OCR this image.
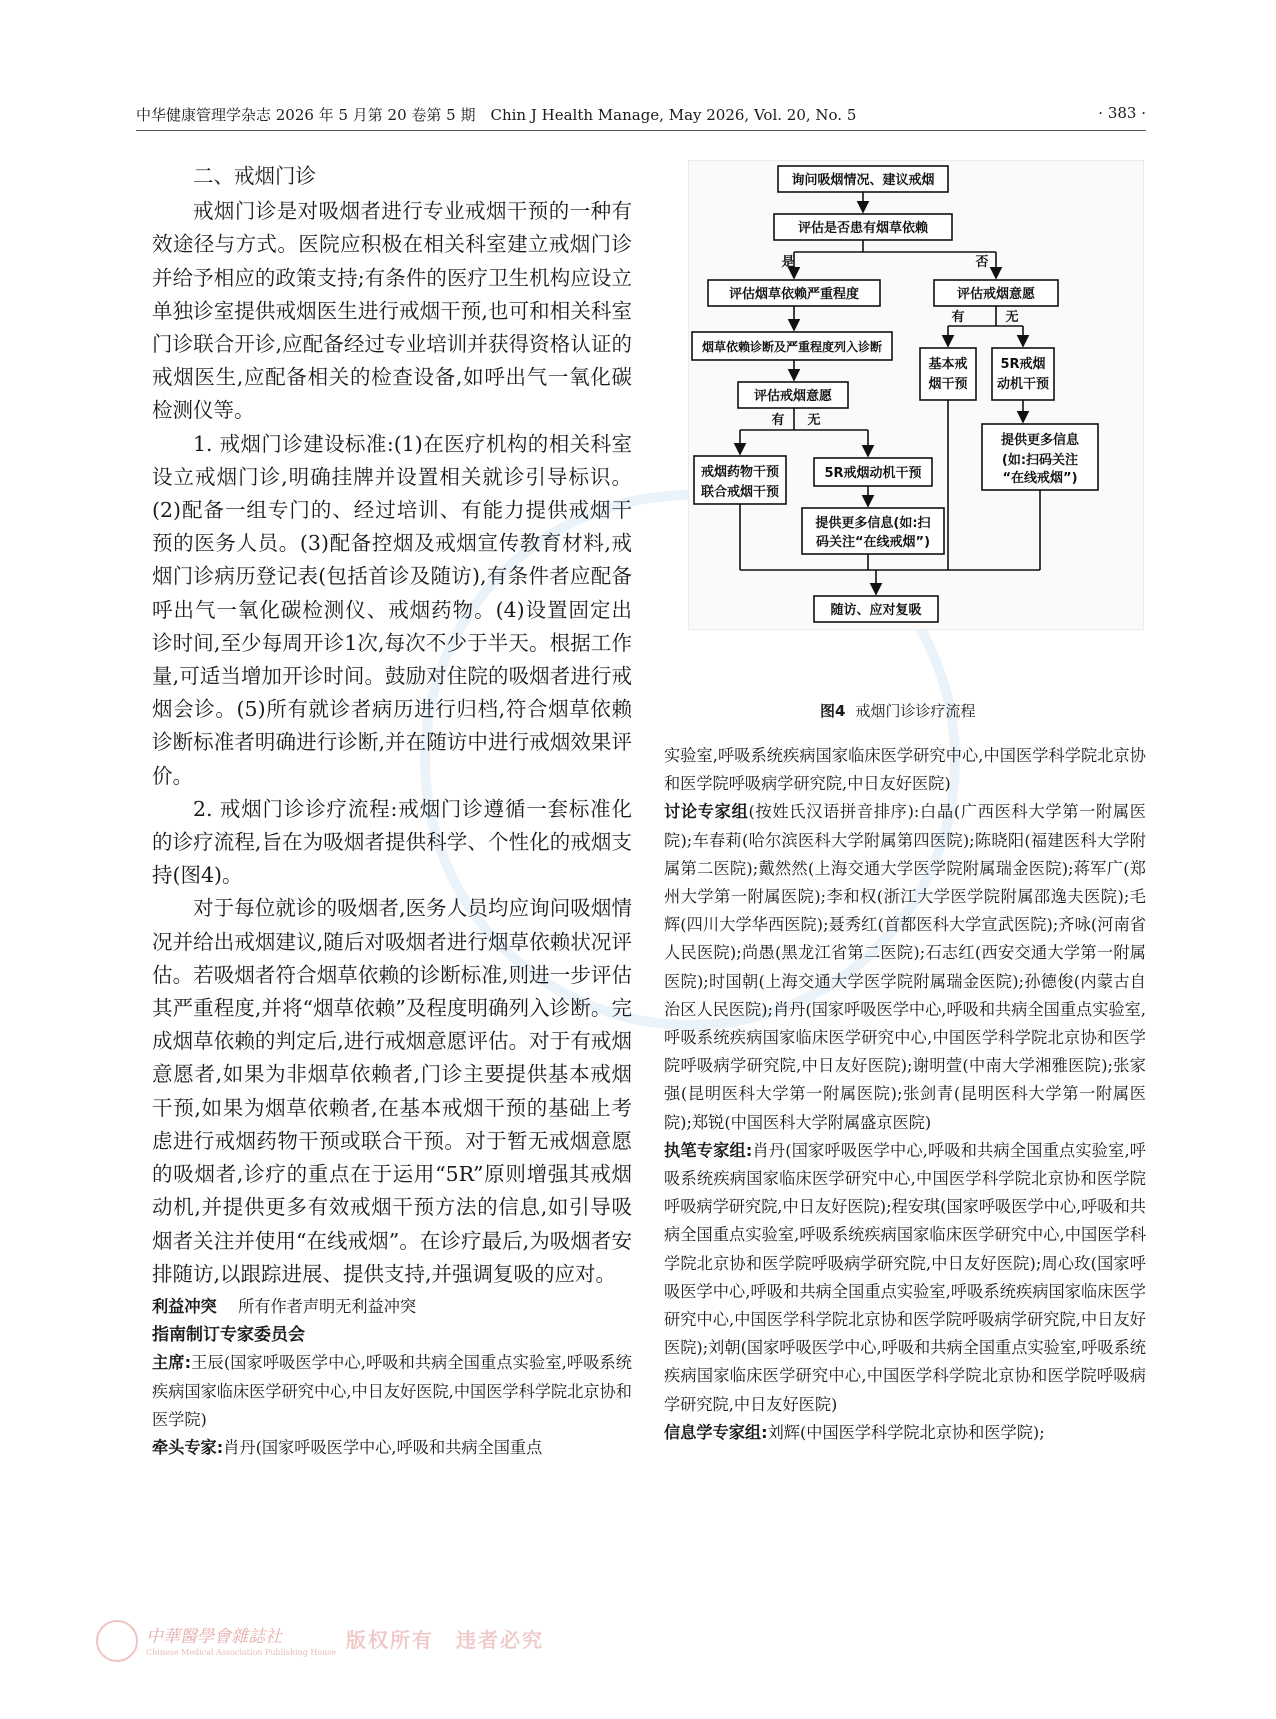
中华健康管理学杂志 2026 年 5 月第 20 卷第 5 期　Chin J Health Manage, May 2026, Vol. 20, No. 5	· 383 ·

二、戒烟门诊

戒烟门诊是对吸烟者进行专业戒烟干预的一种有效途径与方式。医院应积极在相关科室建立戒烟门诊并给予相应的政策支持;有条件的医疗卫生机构应设立单独诊室提供戒烟医生进行戒烟干预,也可和相关科室门诊联合开诊,应配备经过专业培训并获得资格认证的戒烟医生,应配备相关的检查设备,如呼出气一氧化碳检测仪等。

1. 戒烟门诊建设标准:(1)在医疗机构的相关科室设立戒烟门诊,明确挂牌并设置相关就诊引导标识。(2)配备一组专门的、经过培训、有能力提供戒烟干预的医务人员。(3)配备控烟及戒烟宣传教育材料,戒烟门诊病历登记表(包括首诊及随访),有条件者应配备呼出气一氧化碳检测仪、戒烟药物。(4)设置固定出诊时间,至少每周开诊1次,每次不少于半天。根据工作量,可适当增加开诊时间。鼓励对住院的吸烟者进行戒烟会诊。(5)所有就诊者病历进行归档,符合烟草依赖诊断标准者明确进行诊断,并在随访中进行戒烟效果评价。

2. 戒烟门诊诊疗流程:戒烟门诊遵循一套标准化的诊疗流程,旨在为吸烟者提供科学、个性化的戒烟支持(图4)。

对于每位就诊的吸烟者,医务人员均应询问吸烟情况并给出戒烟建议,随后对吸烟者进行烟草依赖状况评估。若吸烟者符合烟草依赖的诊断标准,则进一步评估其严重程度,并将“烟草依赖”及程度明确列入诊断。完成烟草依赖的判定后,进行戒烟意愿评估。对于有戒烟意愿者,如果为非烟草依赖者,门诊主要提供基本戒烟干预,如果为烟草依赖者,在基本戒烟干预的基础上考虑进行戒烟药物干预或联合干预。对于暂无戒烟意愿的吸烟者,诊疗的重点在于运用“5R”原则增强其戒烟动机,并提供更多有效戒烟干预方法的信息,如引导吸烟者关注并使用“在线戒烟”。在诊疗最后,为吸烟者安排随访,以跟踪进展、提供支持,并强调复吸的应对。

利益冲突　 所有作者声明无利益冲突

指南制订专家委员会

主席:王辰(国家呼吸医学中心,呼吸和共病全国重点实验室,呼吸系统疾病国家临床医学研究中心,中日友好医院,中国医学科学院北京协和医学院)

牵头专家:肖丹(国家呼吸医学中心,呼吸和共病全国重点

询问吸烟情况、建议戒烟
评估是否患有烟草依赖
是	否
评估烟草依赖严重程度	评估戒烟意愿
有	无
烟草依赖诊断及严重程度列入诊断
基本戒
烟干预
5R戒烟
动机干预
评估戒烟意愿
有 无
提供更多信息
(如:扫码关注
“在线戒烟”)
戒烟药物干预
联合戒烟干预
5R戒烟动机干预
提供更多信息(如:扫
码关注“在线戒烟”)
随访、应对复吸
图4 戒烟门诊诊疗流程

实验室,呼吸系统疾病国家临床医学研究中心,中国医学科学院北京协和医学院呼吸病学研究院,中日友好医院)

讨论专家组(按姓氏汉语拼音排序):白晶(广西医科大学第一附属医院);车春莉(哈尔滨医科大学附属第四医院);陈晓阳(福建医科大学附属第二医院);戴然然(上海交通大学医学院附属瑞金医院);蒋军广(郑州大学第一附属医院);李和权(浙江大学医学院附属邵逸夫医院);毛辉(四川大学华西医院);聂秀红(首都医科大学宣武医院);齐咏(河南省人民医院);尚愚(黑龙江省第二医院);石志红(西安交通大学第一附属医院);时国朝(上海交通大学医学院附属瑞金医院);孙德俊(内蒙古自治区人民医院);肖丹(国家呼吸医学中心,呼吸和共病全国重点实验室,呼吸系统疾病国家临床医学研究中心,中国医学科学院北京协和医学院呼吸病学研究院,中日友好医院);谢明萱(中南大学湘雅医院);张家强(昆明医科大学第一附属医院);张剑青(昆明医科大学第一附属医院);郑锐(中国医科大学附属盛京医院)

执笔专家组:肖丹(国家呼吸医学中心,呼吸和共病全国重点实验室,呼吸系统疾病国家临床医学研究中心,中国医学科学院北京协和医学院呼吸病学研究院,中日友好医院);程安琪(国家呼吸医学中心,呼吸和共病全国重点实验室,呼吸系统疾病国家临床医学研究中心,中国医学科学院北京协和医学院呼吸病学研究院,中日友好医院);周心玫(国家呼吸医学中心,呼吸和共病全国重点实验室,呼吸系统疾病国家临床医学研究中心,中国医学科学院北京协和医学院呼吸病学研究院,中日友好医院);刘朝(国家呼吸医学中心,呼吸和共病全国重点实验室,呼吸系统疾病国家临床医学研究中心,中国医学科学院北京协和医学院呼吸病学研究院,中日友好医院)

信息学专家组:刘辉(中国医学科学院北京协和医学院);

中華醫學會雜誌社
Chinese Medical Association Publishing House
版权所有　违者必究
